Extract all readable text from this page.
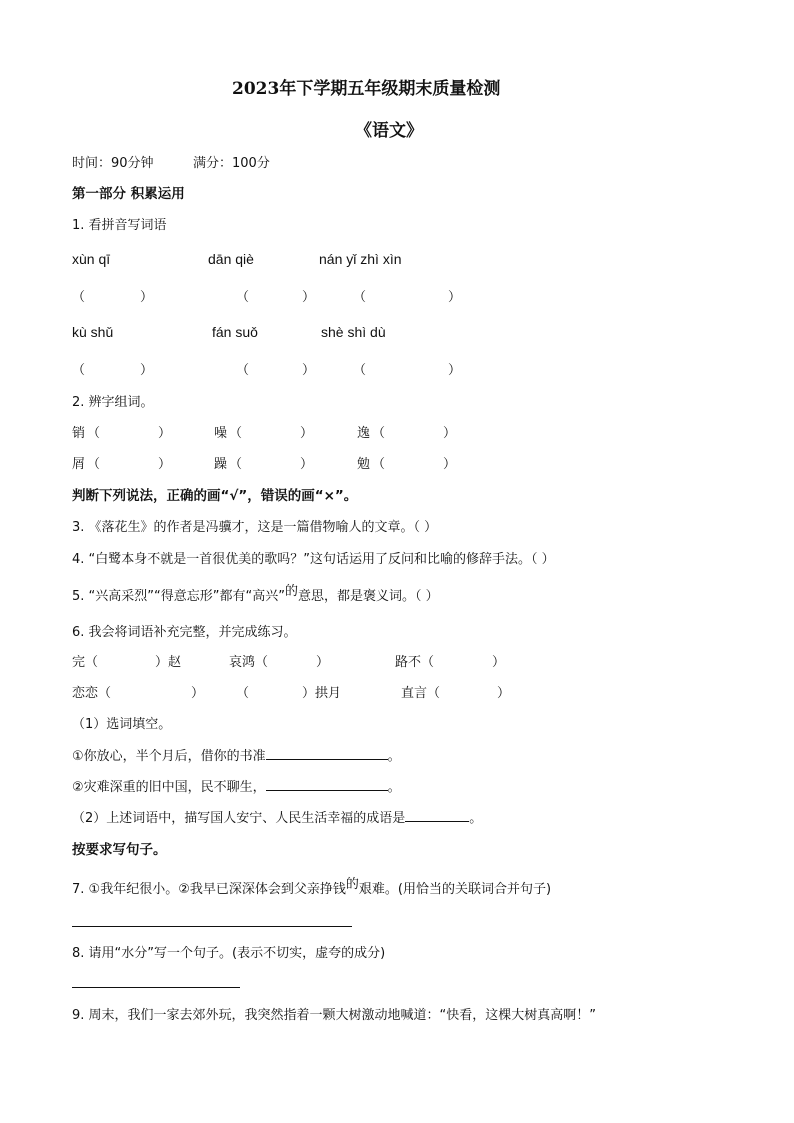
2023年下学期五年级期末质量检测
《语文》
时间：90分钟	满分：100分
第一部分 积累运用
1. 看拼音写词语
xùn qī	dān qiè	nán yǐ zhì xìn
（	）	（	）	（	）
kù shǔ	fán suǒ	shè shì dù
（	）	（	）	（	）
2. 辨字组词。
销 （	）	噪 （	）	逸 （	）
屑 （	）	躁 （	）	勉 （	）
判断下列说法，正确的画“√”，错误的画“×”。
3. 《落花生》的作者是冯骥才，这是一篇借物喻人的文章。（ ）
4. “白鹭本身不就是一首很优美的歌吗？”这句话运用了反问和比喻的修辞手法。（ ）
5. “兴高采烈”“得意忘形”都有“高兴”的意思，都是褒义词。（ ）
6. 我会将词语补充完整，并完成练习。
完（	）赵	哀鸿（	）	路不（	）
恋恋（	） （	）拱月	直言（	）
（1）选词填空。
①你放心，半个月后，借你的书准	。
②灾难深重的旧中国，民不聊生，	。
（2）上述词语中，描写国人安宁、人民生活幸福的成语是	。
按要求写句子。
7. ①我年纪很小。②我早已深深体会到父亲挣钱的艰难。(用恰当的关联词合并句子)
8. 请用“水分”写一个句子。(表示不切实，虚夸的成分)
9. 周末，我们一家去郊外玩，我突然指着一颗大树激动地喊道：“快看，这棵大树真高啊！”
